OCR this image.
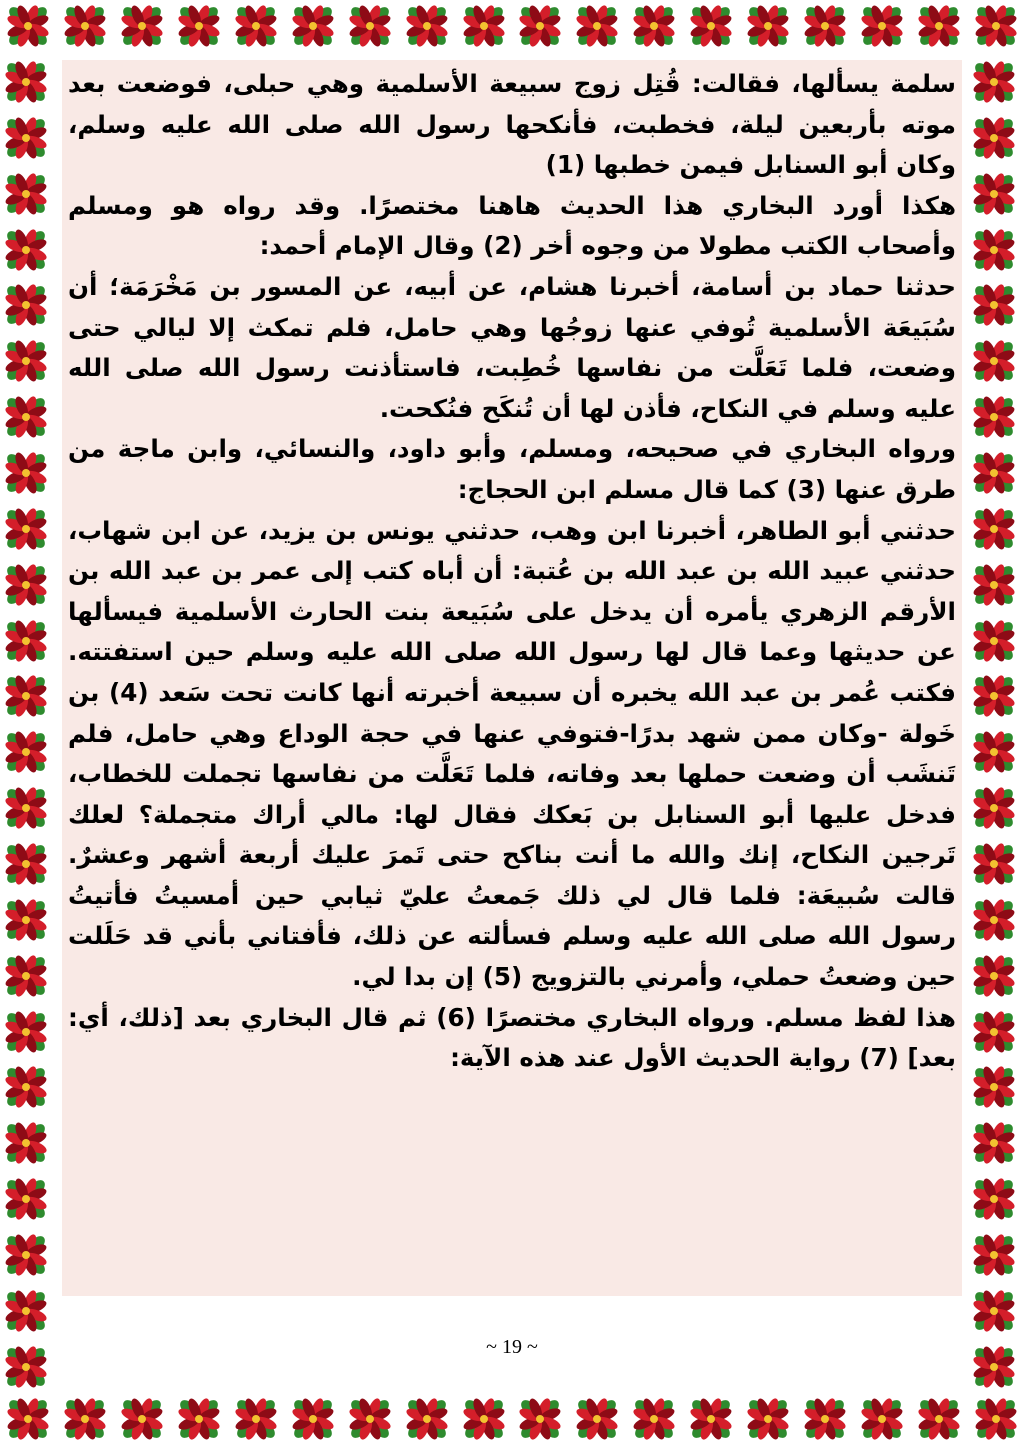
سلمة يسألها، فقالت: قُتِل زوج سبيعة الأسلمية وهي حبلى، فوضعت بعد موته بأربعين ليلة، فخطبت، فأنكحها رسول الله صلى الله عليه وسلم، وكان أبو السنابل فيمن خطبها (1)

هكذا أورد البخاري هذا الحديث هاهنا مختصرًا. وقد رواه هو ومسلم وأصحاب الكتب مطولا من وجوه أخر (2) وقال الإمام أحمد:

حدثنا حماد بن أسامة، أخبرنا هشام، عن أبيه، عن المسور بن مَخْرَمَة؛ أن سُبَيعَة الأسلمية تُوفي عنها زوجُها وهي حامل، فلم تمكث إلا ليالي حتى وضعت، فلما تَعَلَّت من نفاسها خُطِبت، فاستأذنت رسول الله صلى الله عليه وسلم في النكاح، فأذن لها أن تُنكَح فنُكحت.

ورواه البخاري في صحيحه، ومسلم، وأبو داود، والنسائي، وابن ماجة من طرق عنها (3) كما قال مسلم ابن الحجاج:

حدثني أبو الطاهر، أخبرنا ابن وهب، حدثني يونس بن يزيد، عن ابن شهاب، حدثني عبيد الله بن عبد الله بن عُتبة: أن أباه كتب إلى عمر بن عبد الله بن الأرقم الزهري يأمره أن يدخل على سُبَيعة بنت الحارث الأسلمية فيسألها عن حديثها وعما قال لها رسول الله صلى الله عليه وسلم حين استفتته. فكتب عُمر بن عبد الله يخبره أن سبيعة أخبرته أنها كانت تحت سَعد (4) بن خَولة -وكان ممن شهد بدرًا-فتوفي عنها في حجة الوداع وهي حامل، فلم تَنشَب أن وضعت حملها بعد وفاته، فلما تَعَلَّت من نفاسها تجملت للخطاب، فدخل عليها أبو السنابل بن بَعكك فقال لها: مالي أراك متجملة؟ لعلك تَرجين النكاح، إنك والله ما أنت بناكح حتى تَمرَ عليك أربعة أشهر وعشرٌ. قالت سُبيعَة: فلما قال لي ذلك جَمعتُ عليّ ثيابي حين أمسيتُ فأتيتُ رسول الله صلى الله عليه وسلم فسألته عن ذلك، فأفتاني بأني قد حَلَلت حين وضعتُ حملي، وأمرني بالتزويج (5) إن بدا لي.

هذا لفظ مسلم. ورواه البخاري مختصرًا (6) ثم قال البخاري بعد [ذلك، أي: بعد] (7) رواية الحديث الأول عند هذه الآية:

~ 19 ~
